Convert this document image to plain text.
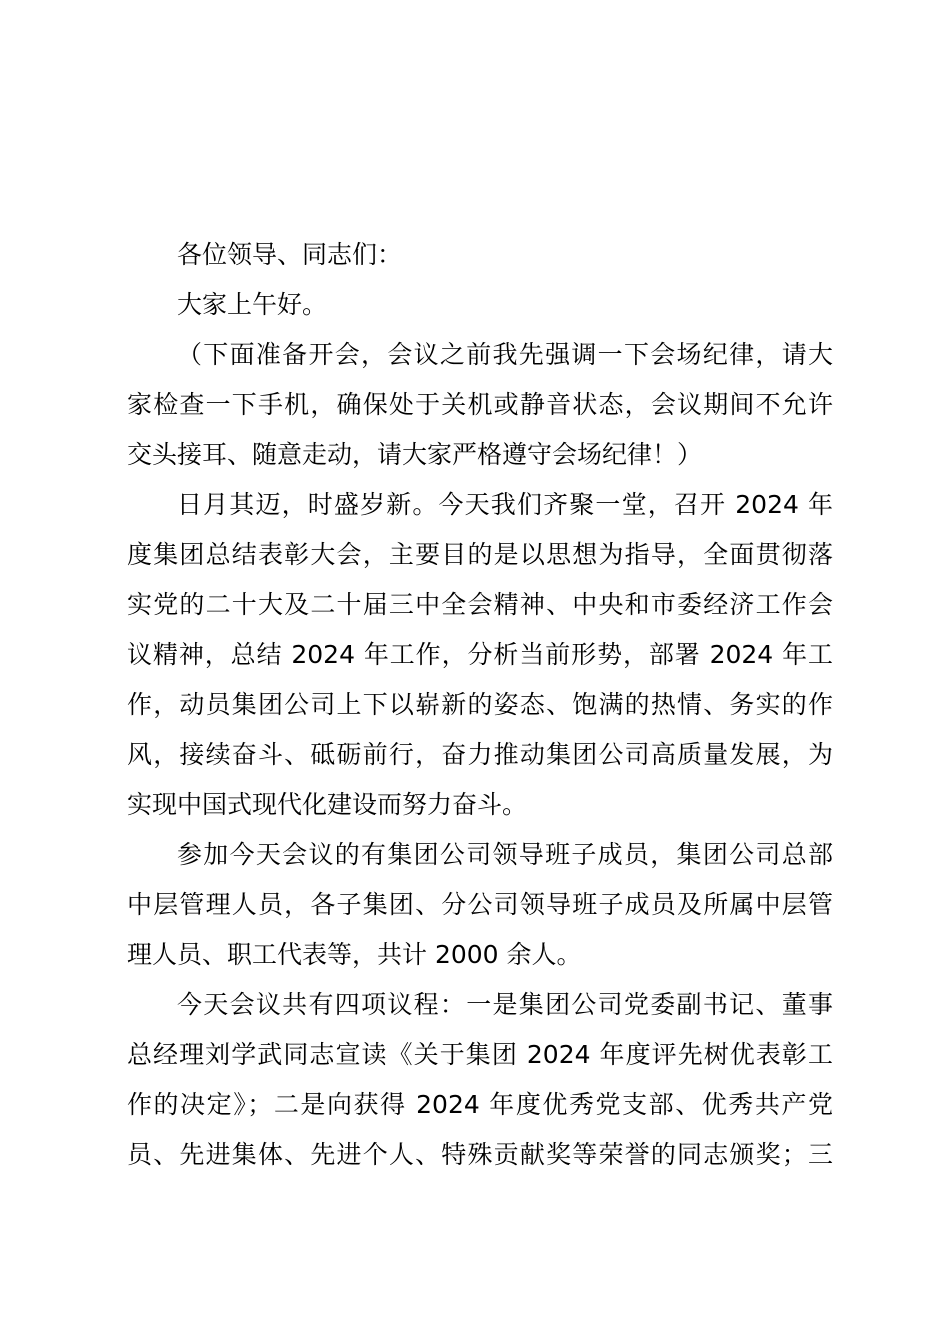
各位领导、同志们：
大家上午好。
（下面准备开会，会议之前我先强调一下会场纪律，请大
家检查一下手机，确保处于关机或静音状态，会议期间不允许
交头接耳、随意走动，请大家严格遵守会场纪律！）
日月其迈，时盛岁新。今天我们齐聚一堂，召开 2024 年
度集团总结表彰大会，主要目的是以思想为指导，全面贯彻落
实党的二十大及二十届三中全会精神、中央和市委经济工作会
议精神，总结 2024 年工作，分析当前形势，部署 2024 年工
作，动员集团公司上下以崭新的姿态、饱满的热情、务实的作
风，接续奋斗、砥砺前行，奋力推动集团公司高质量发展，为
实现中国式现代化建设而努力奋斗。
参加今天会议的有集团公司领导班子成员，集团公司总部
中层管理人员，各子集团、分公司领导班子成员及所属中层管
理人员、职工代表等，共计 2000 余人。
今天会议共有四项议程：一是集团公司党委副书记、董事
总经理刘学武同志宣读《关于集团 2024 年度评先树优表彰工
作的决定》；二是向获得 2024 年度优秀党支部、优秀共产党
员、先进集体、先进个人、特殊贡献奖等荣誉的同志颁奖；三
